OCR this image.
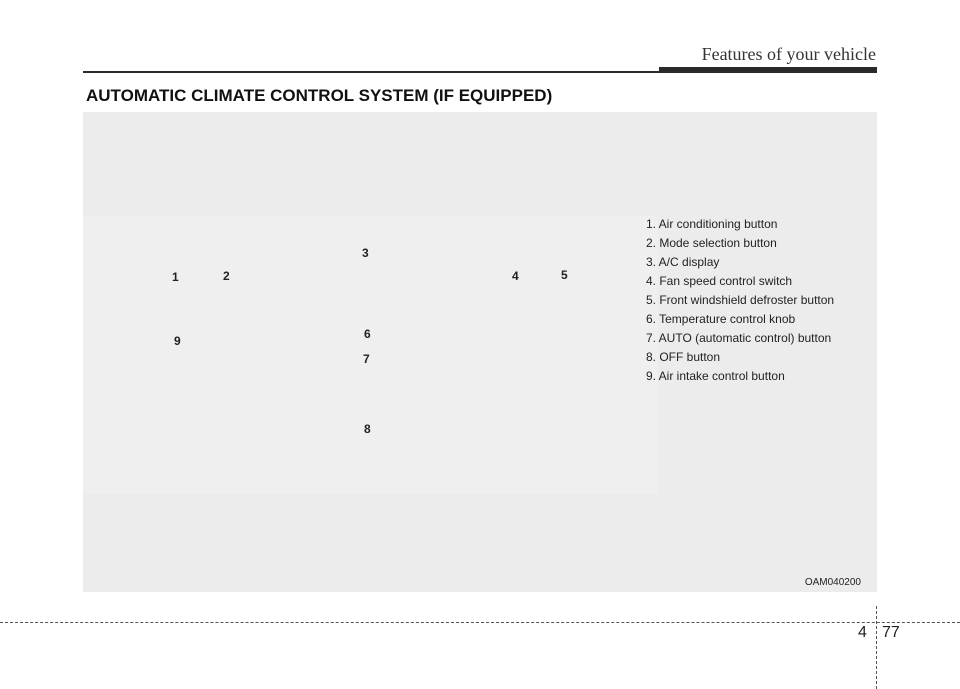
Features of your vehicle
AUTOMATIC CLIMATE CONTROL SYSTEM (IF EQUIPPED)
1	2
3
4	5
6
7
8
9
1. Air conditioning button
2. Mode selection button
3. A/C display
4. Fan speed control switch
5. Front windshield defroster button
6. Temperature control knob
7. AUTO (automatic control) button
8. OFF button
9. Air intake control button
OAM040200
4 77
